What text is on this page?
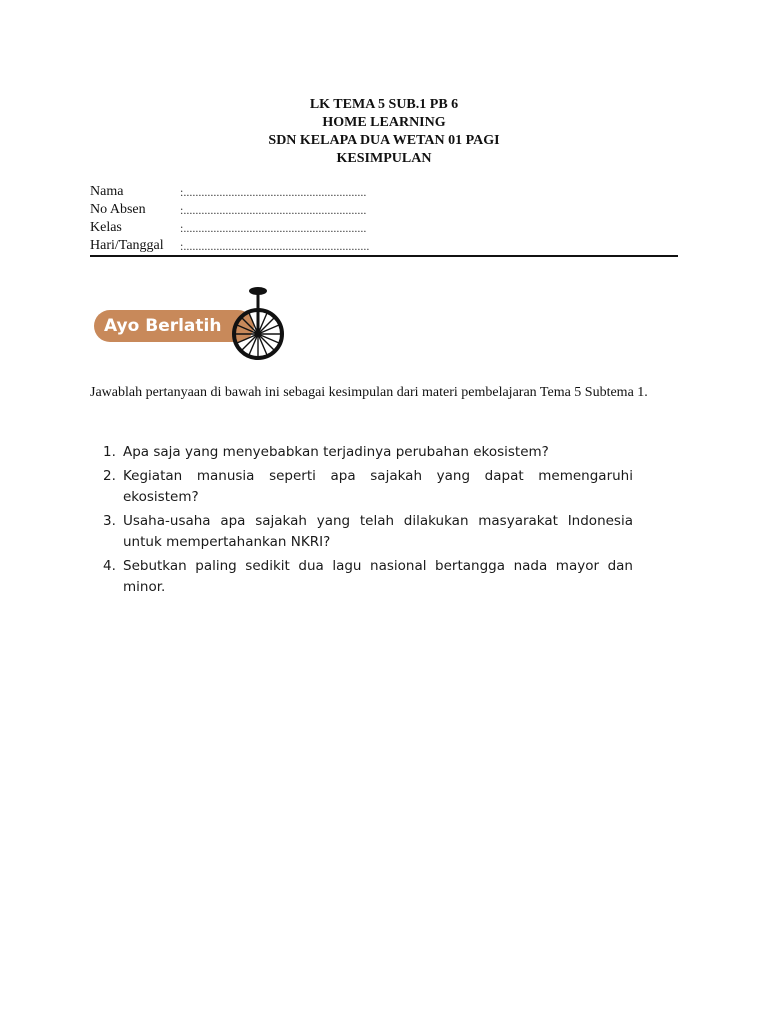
LK TEMA 5 SUB.1 PB 6
HOME LEARNING
SDN KELAPA DUA WETAN 01 PAGI
KESIMPULAN
Nama	:.............................................................
No Absen	:.............................................................
Kelas	:.............................................................
Hari/Tanggal	:..............................................................
Ayo Berlatih
Jawablah pertanyaan di bawah ini sebagai kesimpulan dari materi pembelajaran Tema 5 Subtema 1.
1. Apa saja yang menyebabkan terjadinya perubahan ekosistem?
2. Kegiatan manusia seperti apa sajakah yang dapat memengaruhi ekosistem?
3. Usaha-usaha apa sajakah yang telah dilakukan masyarakat Indonesia untuk mempertahankan NKRI?
4. Sebutkan paling sedikit dua lagu nasional bertangga nada mayor dan minor.
